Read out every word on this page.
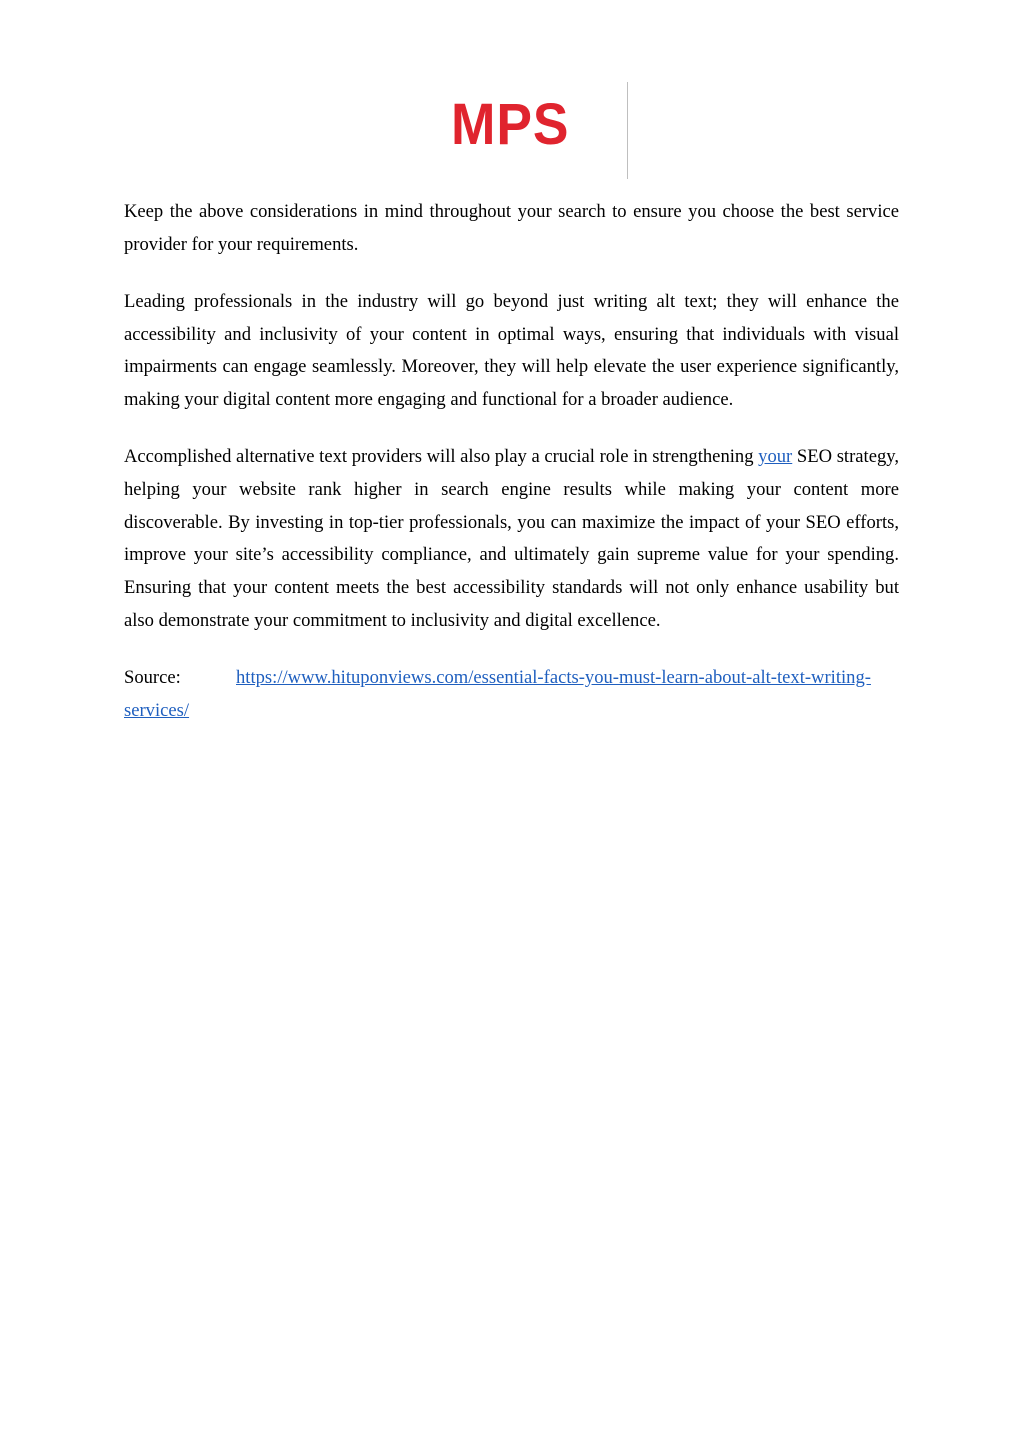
MPS

Keep the above considerations in mind throughout your search to ensure you choose the best service provider for your requirements.

Leading professionals in the industry will go beyond just writing alt text; they will enhance the accessibility and inclusivity of your content in optimal ways, ensuring that individuals with visual impairments can engage seamlessly. Moreover, they will help elevate the user experience significantly, making your digital content more engaging and functional for a broader audience.

Accomplished alternative text providers will also play a crucial role in strengthening your SEO strategy, helping your website rank higher in search engine results while making your content more discoverable. By investing in top-tier professionals, you can maximize the impact of your SEO efforts, improve your site’s accessibility compliance, and ultimately gain supreme value for your spending. Ensuring that your content meets the best accessibility standards will not only enhance usability but also demonstrate your commitment to inclusivity and digital excellence.

Source:	https://www.hituponviews.com/essential-facts-you-must-learn-about-alt-text-writing-services/
